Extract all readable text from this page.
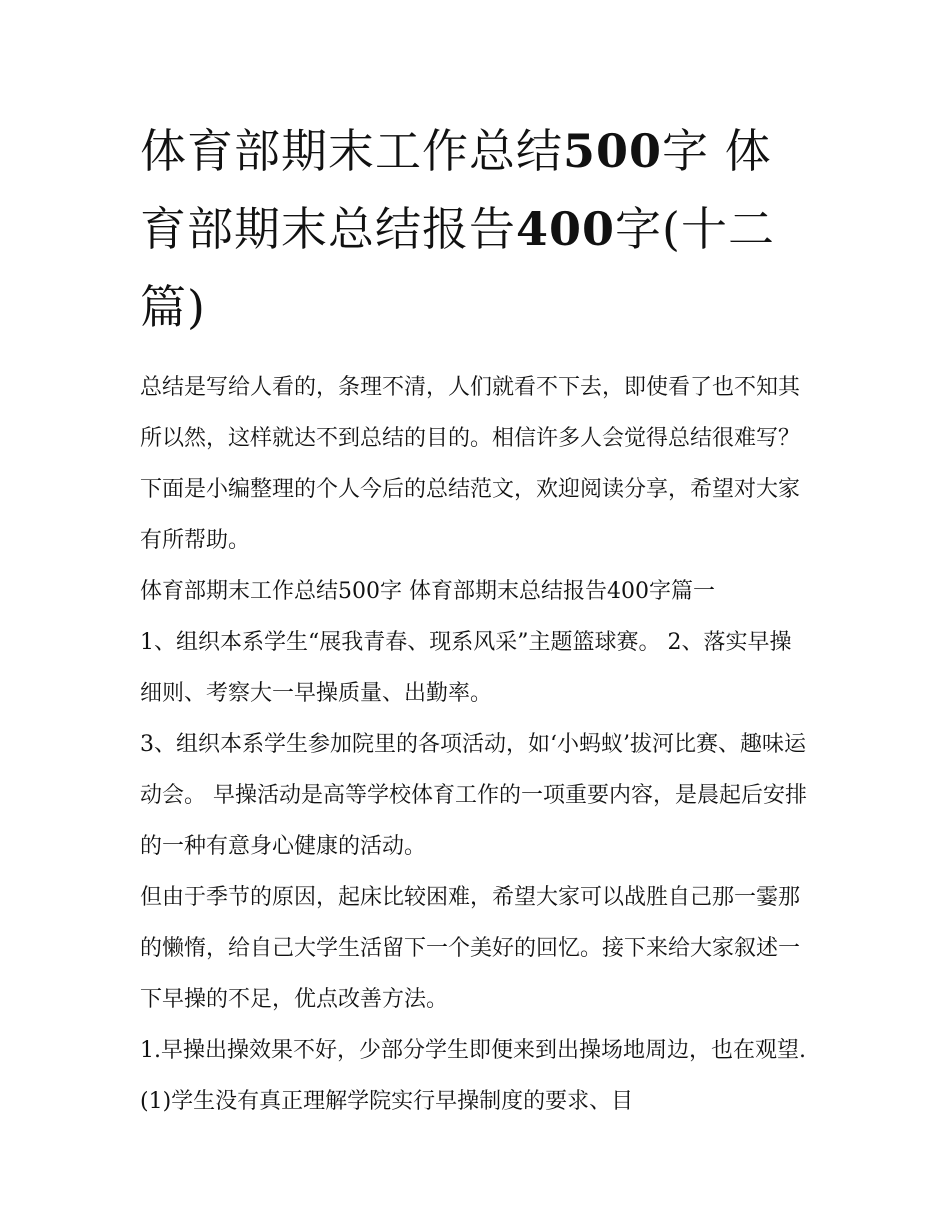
体育部期末工作总结500字 体育部期末总结报告400字(十二篇)

总结是写给人看的，条理不清，人们就看不下去，即使看了也不知其所以然，这样就达不到总结的目的。相信许多人会觉得总结很难写？下面是小编整理的个人今后的总结范文，欢迎阅读分享，希望对大家有所帮助。

体育部期末工作总结500字 体育部期末总结报告400字篇一

1、组织本系学生“展我青春、现系风采”主题篮球赛。 2、落实早操细则、考察大一早操质量、出勤率。

3、组织本系学生参加院里的各项活动，如‘小蚂蚁’拔河比赛、趣味运动会。 早操活动是高等学校体育工作的一项重要内容，是晨起后安排的一种有意身心健康的活动。

但由于季节的原因，起床比较困难，希望大家可以战胜自己那一霎那的懒惰，给自己大学生活留下一个美好的回忆。接下来给大家叙述一下早操的不足，优点改善方法。

1.早操出操效果不好，少部分学生即便来到出操场地周边，也在观望. (1)学生没有真正理解学院实行早操制度的要求、目
